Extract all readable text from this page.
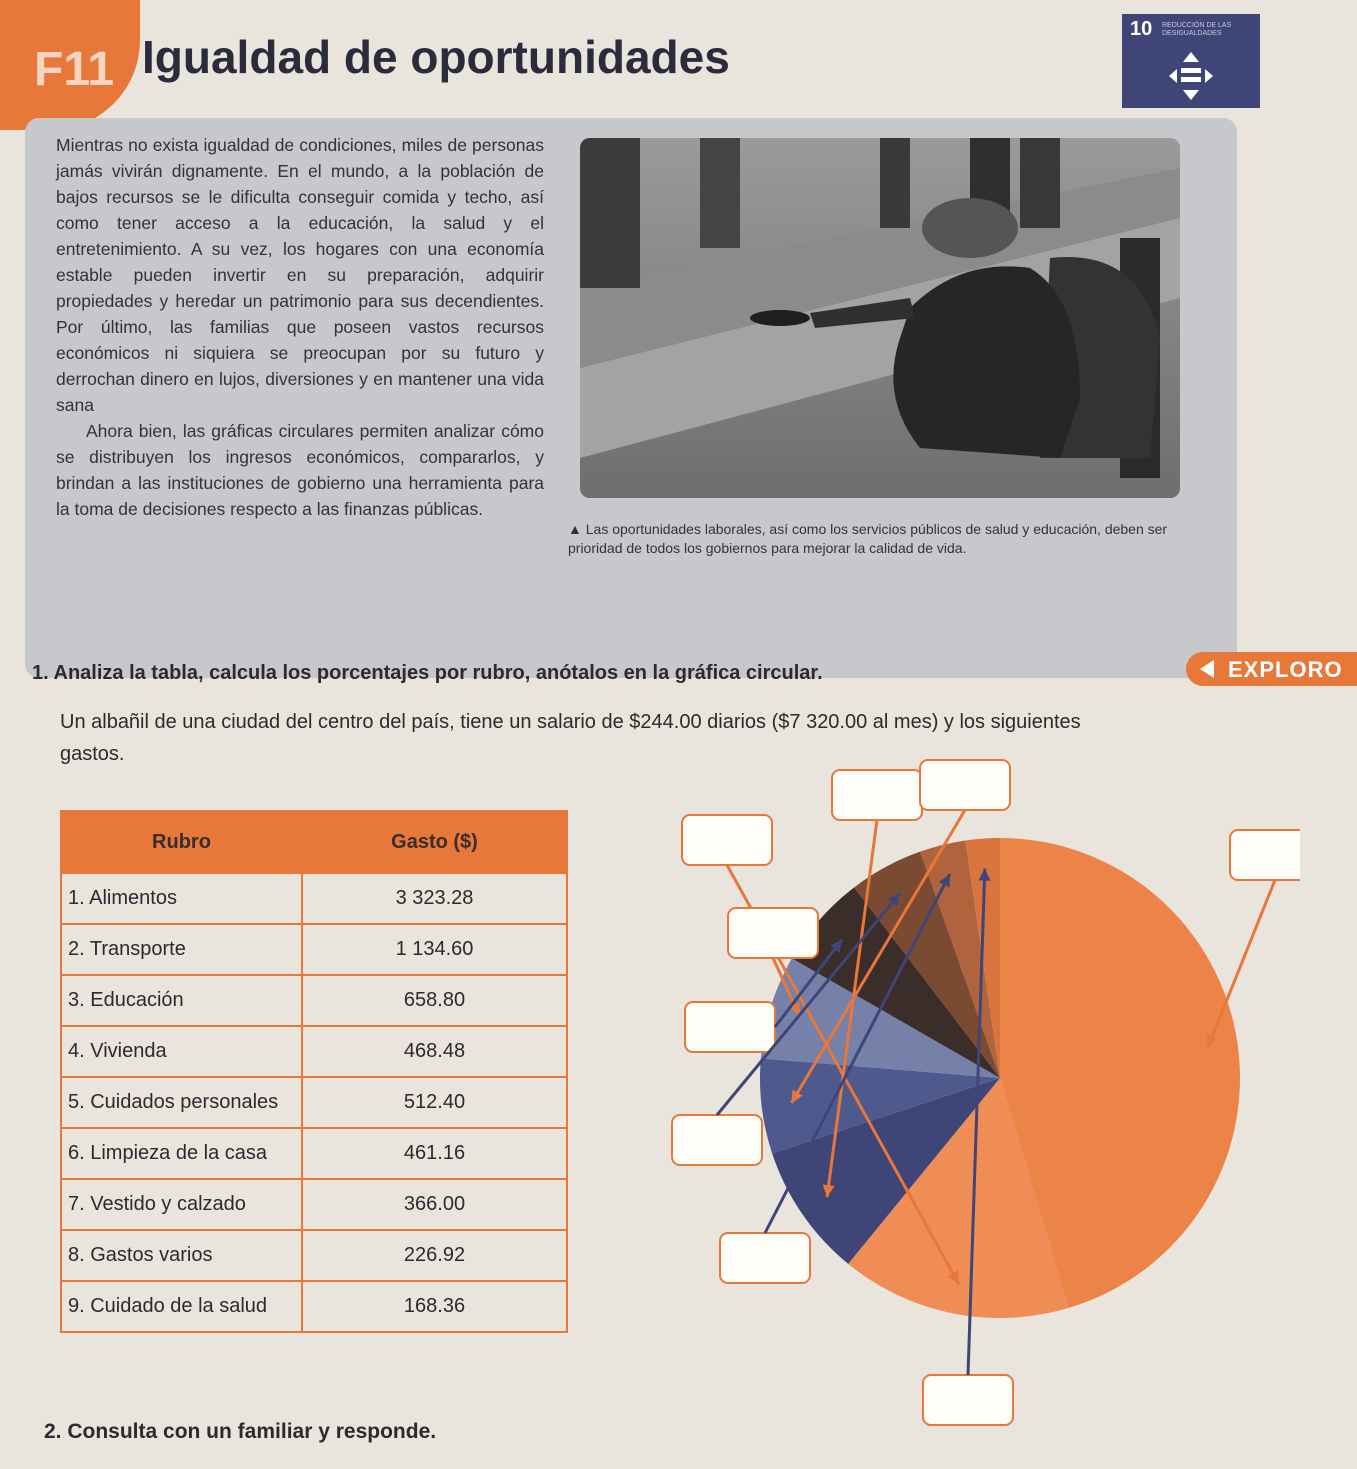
F11 Igualdad de oportunidades
10 REDUCCIÓN DE LAS DESIGUALDADES

Mientras no exista igualdad de condiciones, miles de personas jamás vivirán dignamente. En el mundo, a la población de bajos recursos se le dificulta conseguir comida y techo, así como tener acceso a la educación, la salud y el entretenimiento. A su vez, los hogares con una economía estable pueden invertir en su preparación, adquirir propiedades y heredar un patrimonio para sus decendientes. Por último, las familias que poseen vastos recursos económicos ni siquiera se preocupan por su futuro y derrochan dinero en lujos, diversiones y en mantener una vida sana

Ahora bien, las gráficas circulares permiten analizar cómo se distribuyen los ingresos económicos, compararlos, y brindan a las instituciones de gobierno una herramienta para la toma de decisiones respecto a las finanzas públicas.

▲ Las oportunidades laborales, así como los servicios públicos de salud y educación, deben ser prioridad de todos los gobiernos para mejorar la calidad de vida.
EXPLORO
1. Analiza la tabla, calcula los porcentajes por rubro, anótalos en la gráfica circular.
Un albañil de una ciudad del centro del país, tiene un salario de $244.00 diarios ($7 320.00 al mes) y los siguientes gastos.
Rubro	Gasto ($)
1. Alimentos	3 323.28
2. Transporte	1 134.60
3. Educación	658.80
4. Vivienda	468.48
5. Cuidados personales	512.40
6. Limpieza de la casa	461.16
7. Vestido y calzado	366.00
8. Gastos varios	226.92
9. Cuidado de la salud	168.36
2. Consulta con un familiar y responde.
